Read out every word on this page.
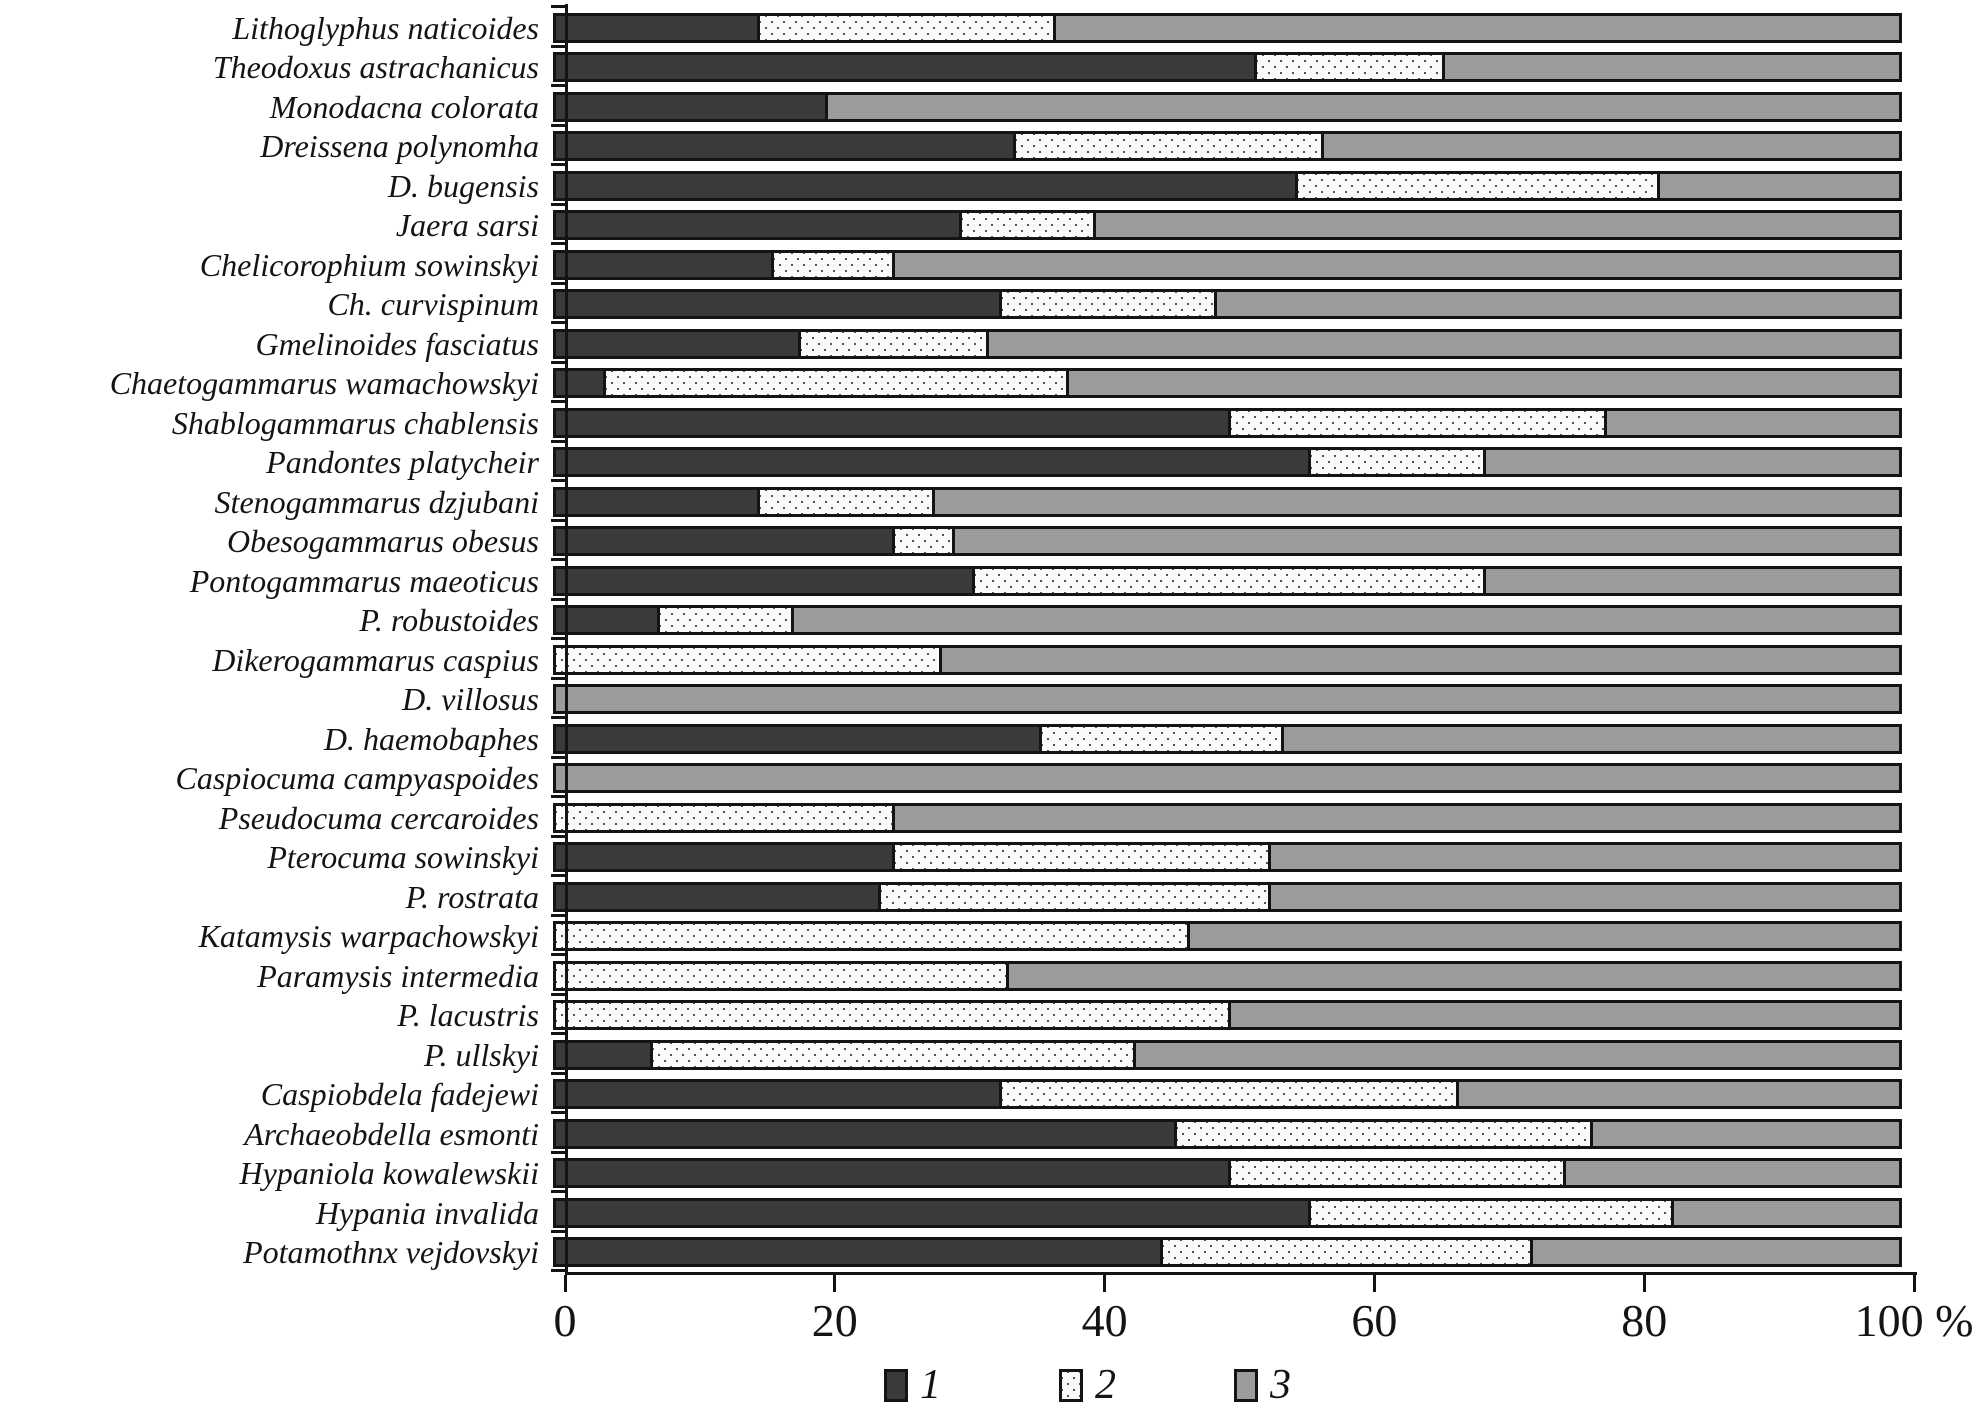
Lithoglyphus naticoides
Theodoxus astrachanicus
Monodacna colorata
Dreissena polynomha
D. bugensis
Jaera sarsi
Chelicorophium sowinskyi
Ch. curvispinum
Gmelinoides fasciatus
Chaetogammarus wamachowskyi
Shablogammarus chablensis
Pandontes platycheir
Stenogammarus dzjubani
Obesogammarus obesus
Pontogammarus maeoticus
P. robustoides
Dikerogammarus caspius
D. villosus
D. haemobaphes
Caspiocuma campyaspoides
Pseudocuma cercaroides
Pterocuma sowinskyi
P. rostrata
Katamysis warpachowskyi
Paramysis intermedia
P. lacustris
P. ullskyi
Caspiobdela fadejewi
Archaeobdella esmonti
Hypaniola kowalewskii
Hypania invalida
Potamothnx vejdovskyi
0	20	40	60	80	100 %
1	2	3
